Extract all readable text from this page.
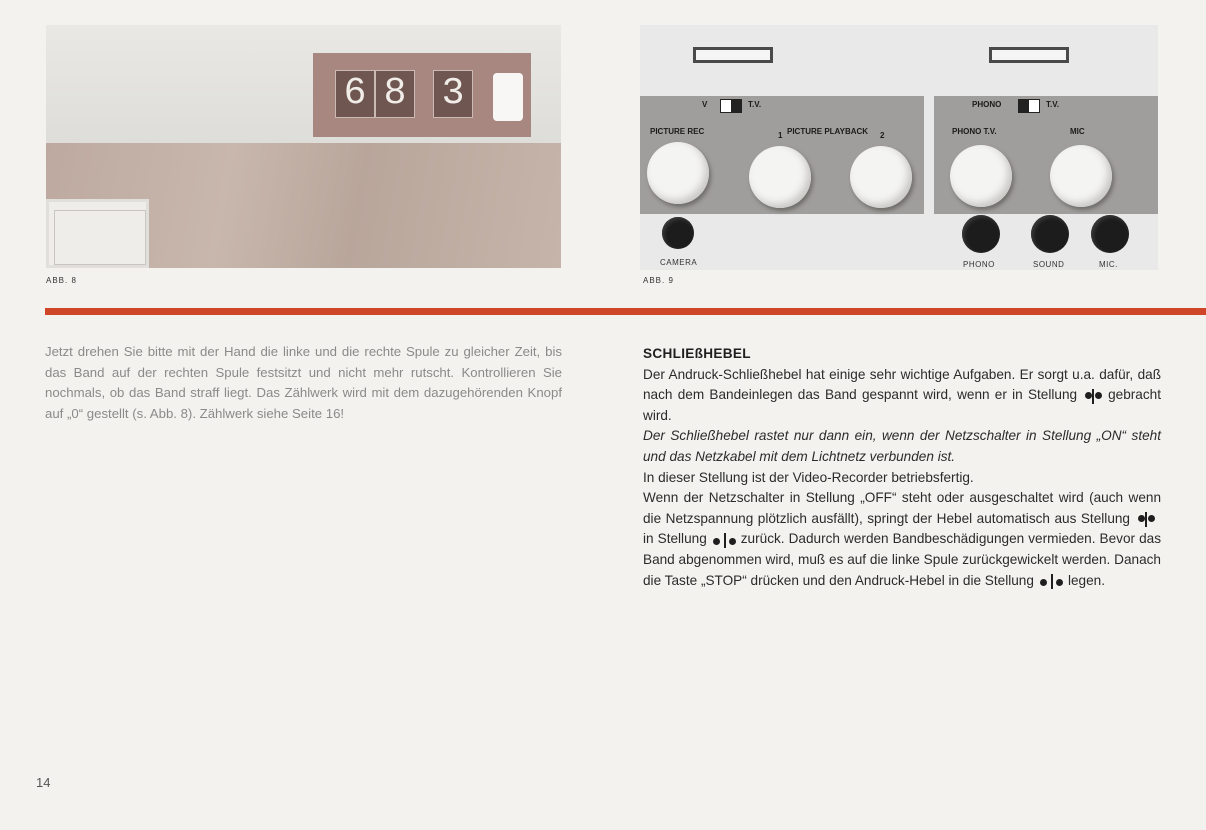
6 8 3
ABB. 8
V	T.V.
PICTURE REC	1 PICTURE PLAYBACK 2
PHONO	T.V.
PHONO T.V.	MIC
CAMERA	PHONO	SOUND	MIC.
ABB. 9

Jetzt drehen Sie bitte mit der Hand die linke und die rechte Spule zu gleicher Zeit, bis das Band auf der rechten Spule festsitzt und nicht mehr rutscht. Kontrollieren Sie nochmals, ob das Band straff liegt. Das Zählwerk wird mit dem dazugehörenden Knopf auf „0“ gestellt (s. Abb. 8). Zählwerk siehe Seite 16!

SCHLIEßHEBEL

Der Andruck-Schließhebel hat einige sehr wichtige Aufgaben. Er sorgt u.a. dafür, daß nach dem Bandeinlegen das Band gespannt wird, wenn er in Stellung gebracht wird.

Der Schließhebel rastet nur dann ein, wenn der Netzschalter in Stellung „ON“ steht und das Netzkabel mit dem Lichtnetz verbunden ist.

In dieser Stellung ist der Video-Recorder betriebsfertig.

Wenn der Netzschalter in Stellung „OFF“ steht oder ausgeschaltet wird (auch wenn die Netzspannung plötzlich ausfällt), springt der Hebel automatisch aus Stellung
in Stellung	zurück. Dadurch werden Bandbeschädigungen vermieden. Bevor das Band abgenommen wird, muß es auf die linke Spule zurückgewickelt werden. Danach die Taste „STOP“ drücken und den Andruck-Hebel in die Stellung	legen.

14
